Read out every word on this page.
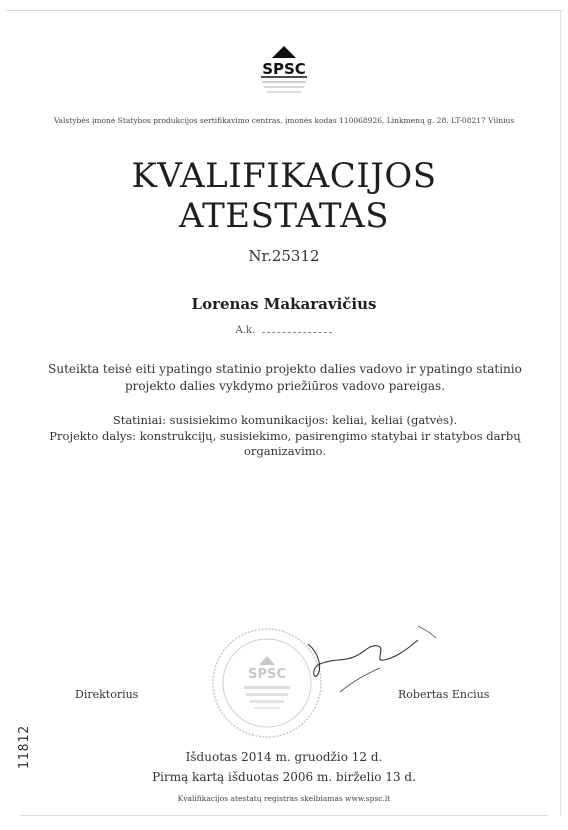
SPSC
Valstybės įmonė Statybos produkcijos sertifikavimo centras, įmonės kodas 110068926, Linkmenų g. 28, LT-08217 Vilnius
KVALIFIKACIJOS
ATESTATAS
Nr.25312
Lorenas Makaravičius
A.k.
Suteikta teisė eiti ypatingo statinio projekto dalies vadovo ir ypatingo statinio projekto dalies vykdymo priežiūros vadovo pareigas.
Statiniai: susisiekimo komunikacijos: keliai, keliai (gatvės).
Projekto dalys: konstrukcijų, susisiekimo, pasirengimo statybai ir statybos darbų organizavimo.
SPSC
Direktorius	Robertas Encius
11812	Išduotas 2014 m. gruodžio 12 d.
Pirmą kartą išduotas 2006 m. birželio 13 d.
Kvalifikacijos atestatų registras skelbiamas www.spsc.lt
